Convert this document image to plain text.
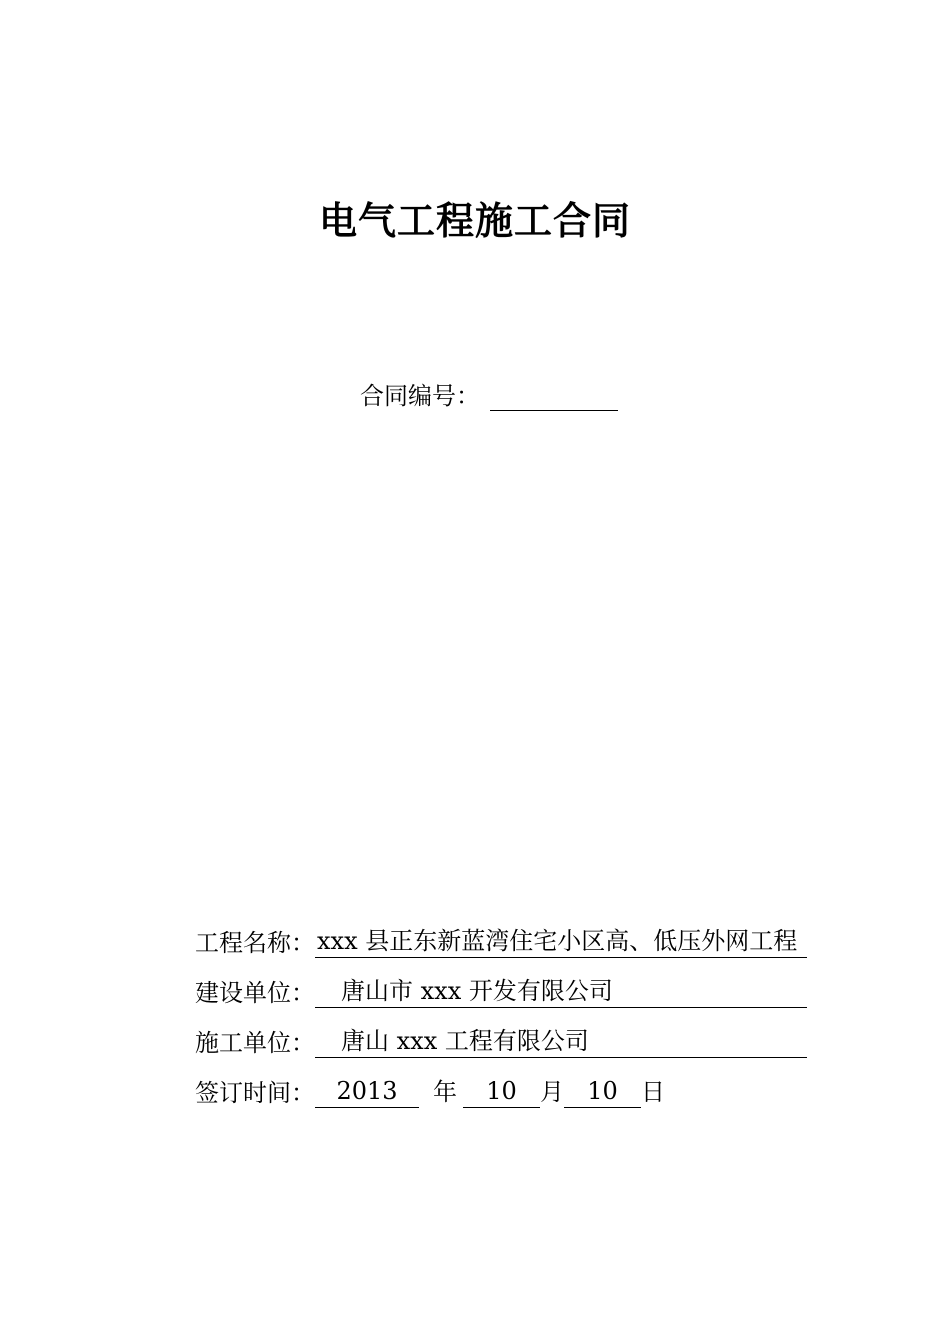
电气工程施工合同
合同编号：
工程名称： xxx 县正东新蓝湾住宅小区高、低压外网工程
建设单位：	唐山市 xxx 开发有限公司
施工单位：	唐山 xxx 工程有限公司
签订时间： 2013	年	10 月 10 日
